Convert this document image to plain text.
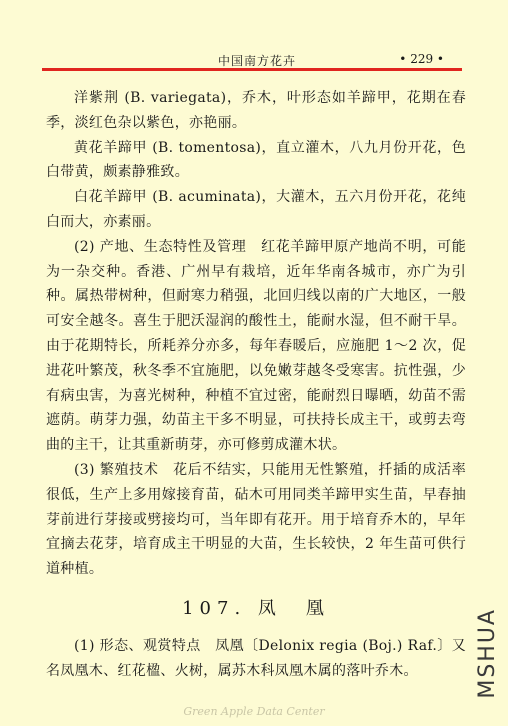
中国南方花卉	• 229 •

洋紫荆 (B. variegata)，乔木，叶形态如羊蹄甲，花期在春季，淡红色杂以紫色，亦艳丽。

黄花羊蹄甲 (B. tomentosa)，直立灌木，八九月份开花，色白带黄，颇素静雅致。

白花羊蹄甲 (B. acuminata)，大灌木，五六月份开花，花纯白而大，亦素丽。

(2) 产地、生态特性及管理　红花羊蹄甲原产地尚不明，可能为一杂交种。香港、广州早有栽培，近年华南各城市，亦广为引种。属热带树种，但耐寒力稍强，北回归线以南的广大地区，一般可安全越冬。喜生于肥沃湿润的酸性土，能耐水湿，但不耐干旱。由于花期特长，所耗养分亦多，每年春暖后，应施肥 1～2 次，促进花叶繁茂，秋冬季不宜施肥，以免嫩芽越冬受寒害。抗性强，少有病虫害，为喜光树种，种植不宜过密，能耐烈日曝晒，幼苗不需遮荫。萌芽力强，幼苗主干多不明显，可扶持长成主干，或剪去弯曲的主干，让其重新萌芽，亦可修剪成灌木状。

(3) 繁殖技术　花后不结实，只能用无性繁殖，扦插的成活率很低，生产上多用嫁接育苗，砧木可用同类羊蹄甲实生苗，早春抽芽前进行芽接或劈接均可，当年即有花开。用于培育乔木的，早年宜摘去花芽，培育成主干明显的大苗，生长较快，2 年生苗可供行道种植。

107. 凤　凰

(1) 形态、观赏特点　凤凰〔Delonix regia (Boj.) Raf.〕又名凤凰木、红花楹、火树，属苏木科凤凰木属的落叶乔木。	MSHUA
Green Apple Data Center
